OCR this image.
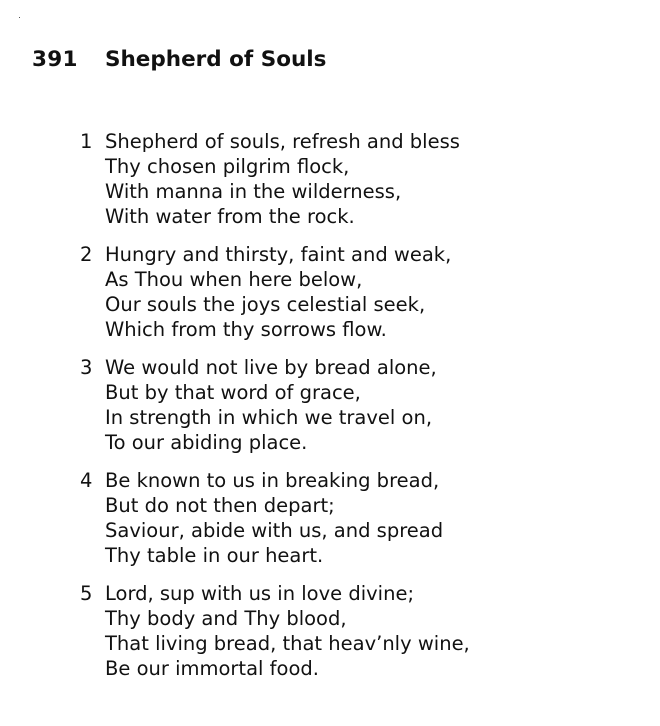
391 Shepherd of Souls
1 Shepherd of souls, refresh and bless
Thy chosen pilgrim flock,
With manna in the wilderness,
With water from the rock.
2 Hungry and thirsty, faint and weak,
As Thou when here below,
Our souls the joys celestial seek,
Which from thy sorrows flow.
3 We would not live by bread alone,
But by that word of grace,
In strength in which we travel on,
To our abiding place.
4 Be known to us in breaking bread,
But do not then depart;
Saviour, abide with us, and spread
Thy table in our heart.
5 Lord, sup with us in love divine;
Thy body and Thy blood,
That living bread, that heav’nly wine,
Be our immortal food.
